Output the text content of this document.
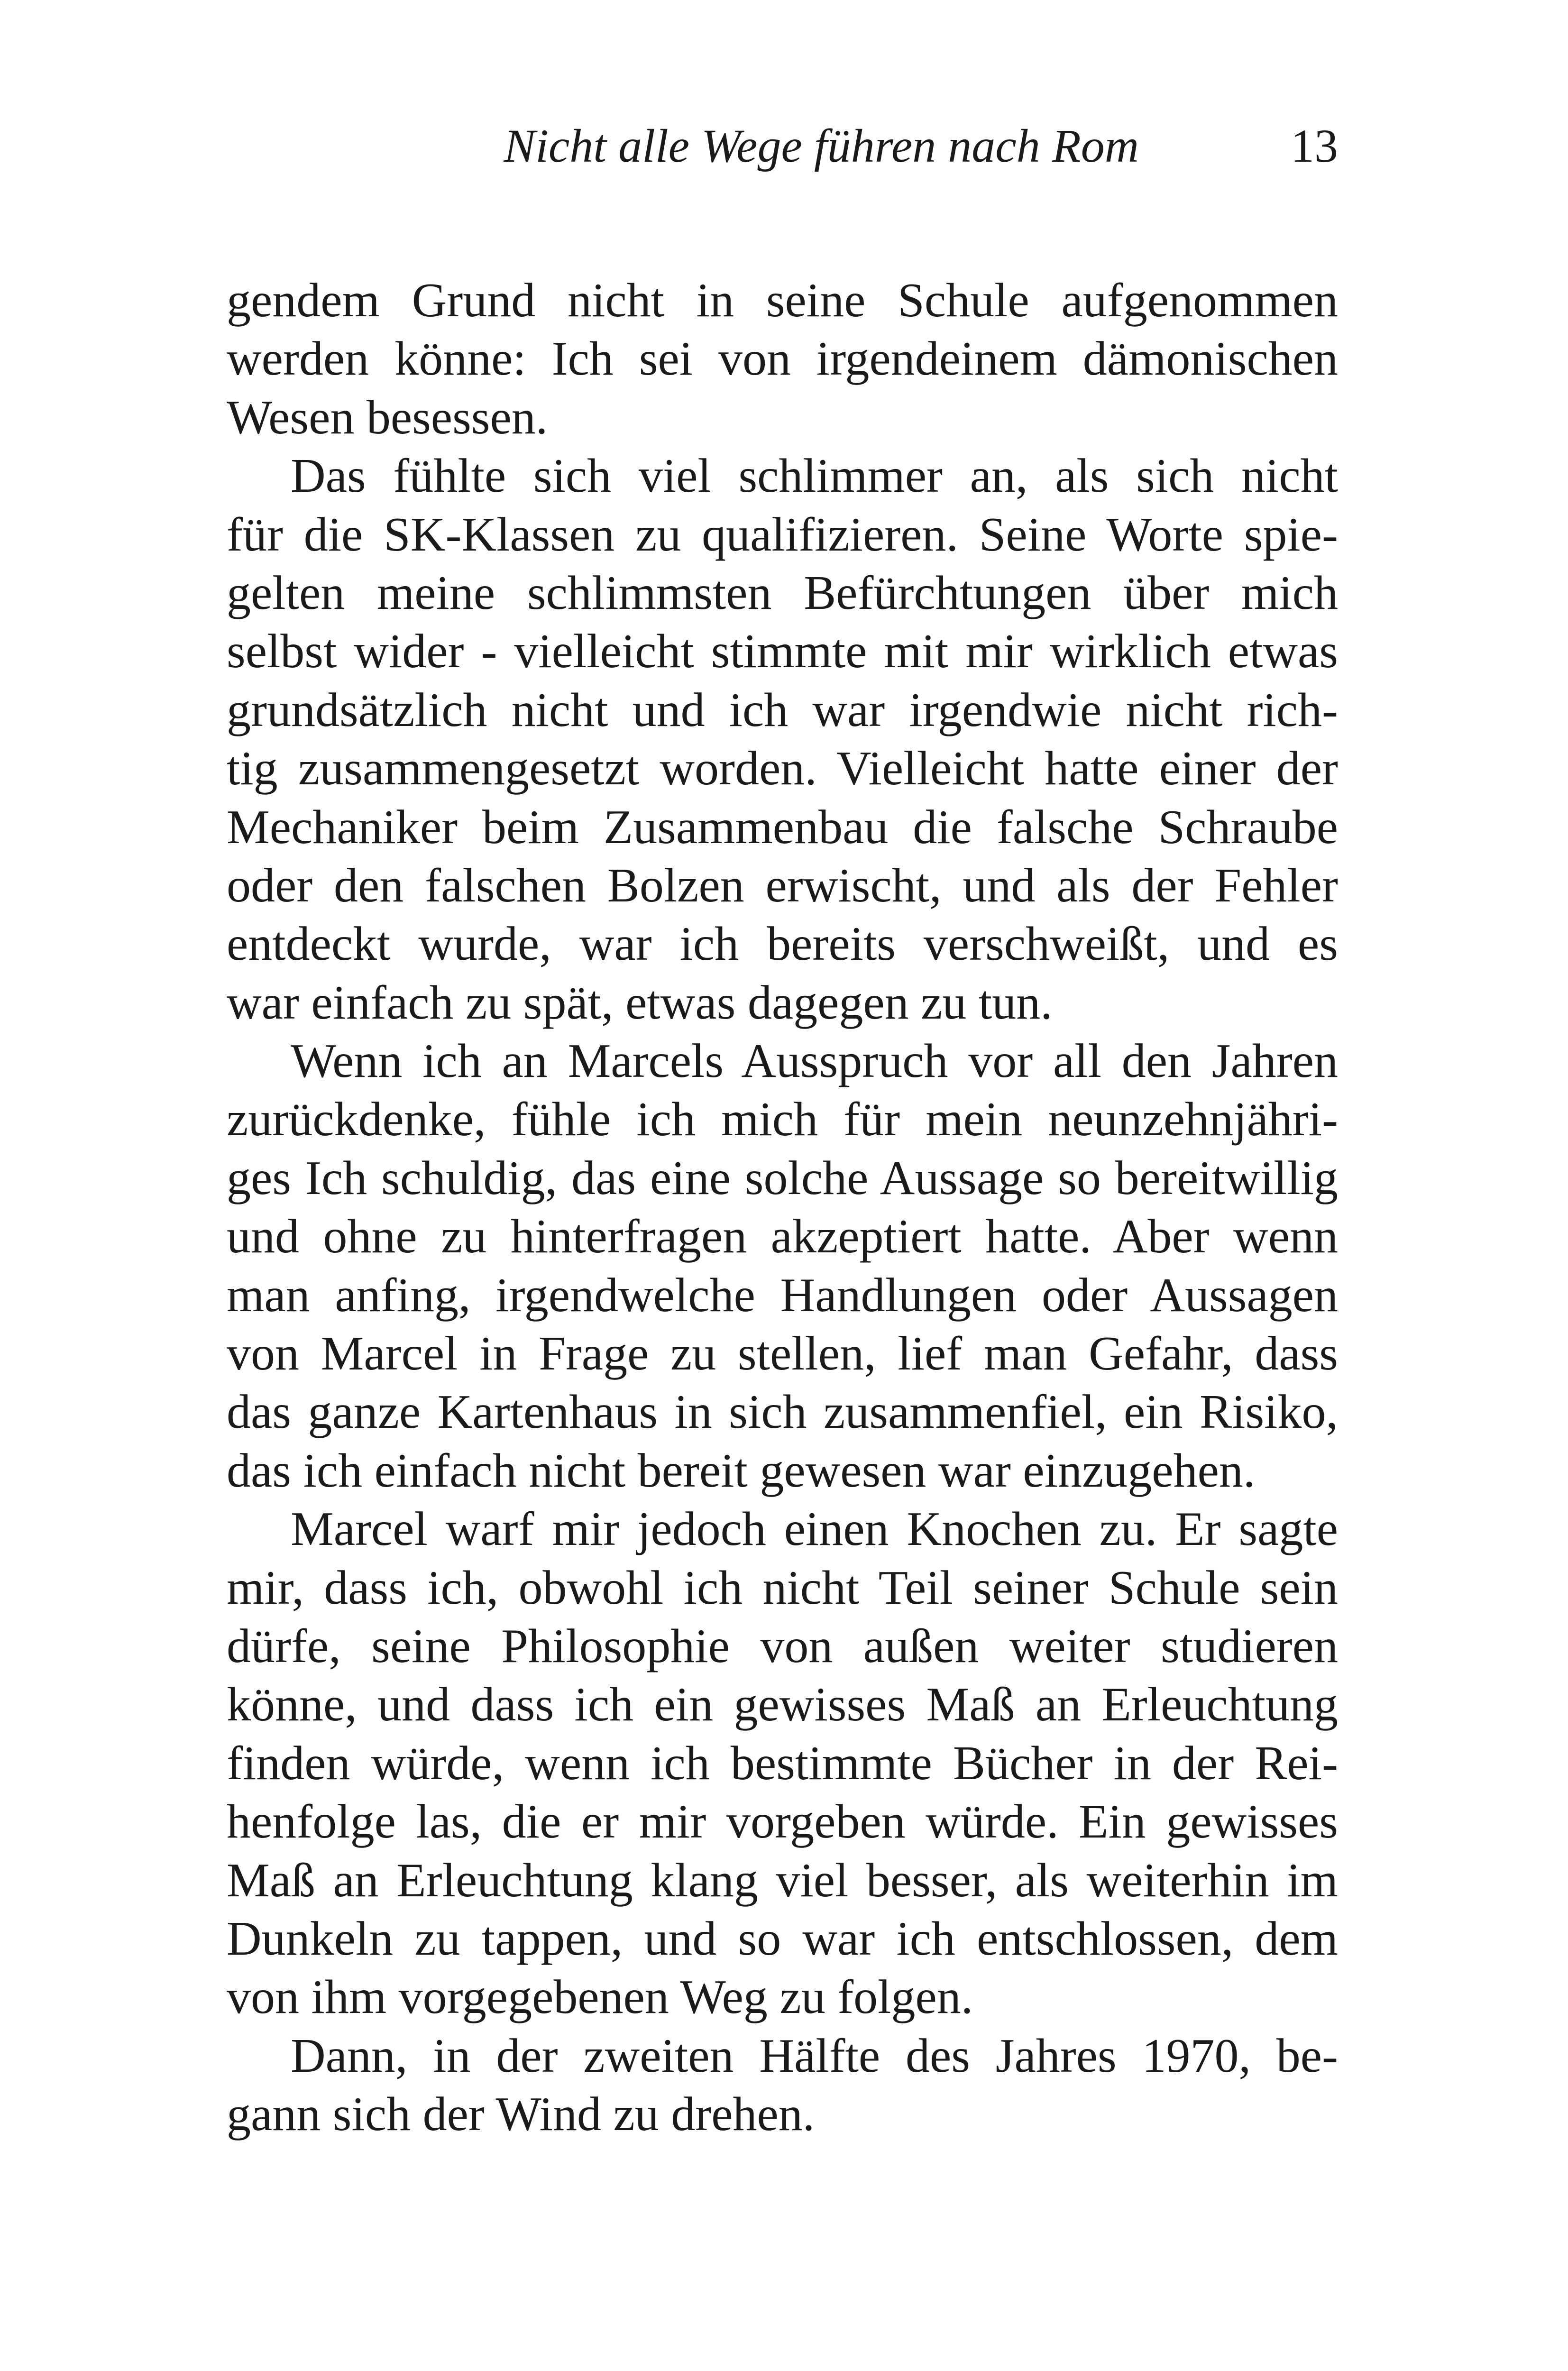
Nicht alle Wege führen nach Rom	13
gendem Grund nicht in seine Schule aufgenommen
werden könne: Ich sei von irgendeinem dämonischen
Wesen besessen.
Das fühlte sich viel schlimmer an, als sich nicht
für die SK-Klassen zu qualifizieren. Seine Worte spie-
gelten meine schlimmsten Befürchtungen über mich
selbst wider - vielleicht stimmte mit mir wirklich etwas
grundsätzlich nicht und ich war irgendwie nicht rich-
tig zusammengesetzt worden. Vielleicht hatte einer der
Mechaniker beim Zusammenbau die falsche Schraube
oder den falschen Bolzen erwischt, und als der Fehler
entdeckt wurde, war ich bereits verschweißt, und es
war einfach zu spät, etwas dagegen zu tun.
Wenn ich an Marcels Ausspruch vor all den Jahren
zurückdenke, fühle ich mich für mein neunzehnjähri-
ges Ich schuldig, das eine solche Aussage so bereitwillig
und ohne zu hinterfragen akzeptiert hatte. Aber wenn
man anfing, irgendwelche Handlungen oder Aussagen
von Marcel in Frage zu stellen, lief man Gefahr, dass
das ganze Kartenhaus in sich zusammenfiel, ein Risiko,
das ich einfach nicht bereit gewesen war einzugehen.
Marcel warf mir jedoch einen Knochen zu. Er sagte
mir, dass ich, obwohl ich nicht Teil seiner Schule sein
dürfe, seine Philosophie von außen weiter studieren
könne, und dass ich ein gewisses Maß an Erleuchtung
finden würde, wenn ich bestimmte Bücher in der Rei-
henfolge las, die er mir vorgeben würde. Ein gewisses
Maß an Erleuchtung klang viel besser, als weiterhin im
Dunkeln zu tappen, und so war ich entschlossen, dem
von ihm vorgegebenen Weg zu folgen.
Dann, in der zweiten Hälfte des Jahres 1970, be-
gann sich der Wind zu drehen.
